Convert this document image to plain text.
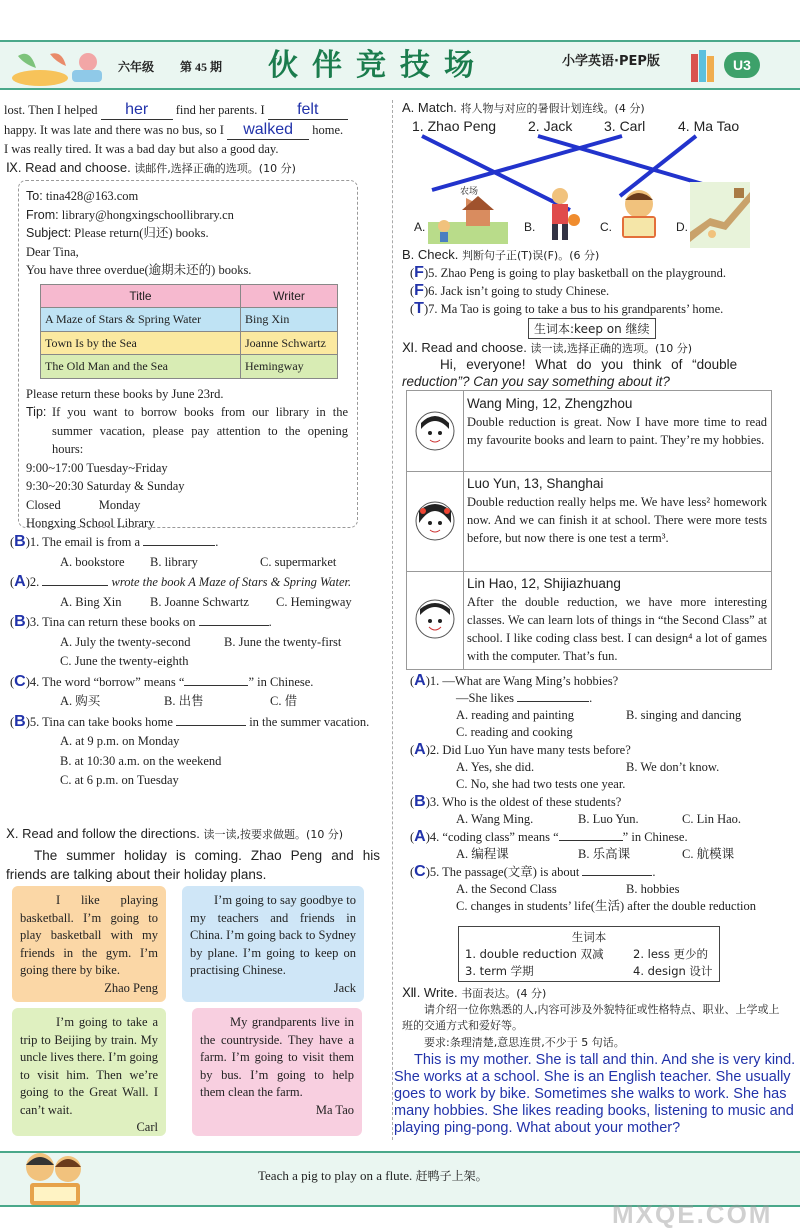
六年级 第 45 期 伙伴竞技场	小学英语·PEP版	U3
lost. Then I helped her find her parents. I felt
happy. It was late and there was no bus, so I walked home.
I was really tired. It was a bad day but also a good day.
Ⅸ. Read and choose. 读邮件,选择正确的选项。(10 分)
To: tina428@163.com
From: library@hongxingschoollibrary.cn
Subject: Please return(归还) books.
Dear Tina,
You have three overdue(逾期未还的) books.
Title	Writer
A Maze of Stars & Spring Water	Bing Xin
Town Is by the Sea	Joanne Schwartz
The Old Man and the Sea	Hemingway
Please return these books by June 23rd.
Tip: If you want to borrow books from our library in the summer vacation, please pay attention to the opening hours:
9:00~17:00 Tuesday~Friday
9:30~20:30 Saturday & Sunday
Closed	Monday
Hongxing School Library
(B)1. The email is from a	.
A. bookstore	B. library	C. supermarket
(A)2.	wrote the book A Maze of Stars & Spring Water.
A. Bing Xin	B. Joanne Schwartz	C. Hemingway
(B)3. Tina can return these books on	.
A. July the twenty-second	B. June the twenty-first
C. June the twenty-eighth
(C)4. The word “borrow” means “	” in Chinese.
A. 购买	B. 出售	C. 借
(B)5. Tina can take books home	in the summer vacation.
A. at 9 p.m. on Monday
B. at 10:30 a.m. on the weekend
C. at 6 p.m. on Tuesday
Ⅹ. Read and follow the directions. 读一读,按要求做题。(10 分)
The summer holiday is coming. Zhao Peng and his friends are talking about their holiday plans.
I like playing basketball. I’m going to play basketball with my friends in the gym. I’m going there by bike.
Zhao Peng
I’m going to say goodbye to my teachers and friends in China. I’m going back to Sydney by plane. I’m going to keep on practising Chinese.
Jack
I’m going to take a trip to Beijing by train. My uncle lives there. I’m going to visit him. Then we’re going to the Great Wall. I can’t wait.
Carl
My grandparents live in the countryside. They have a farm. I’m going to visit them by bus. I’m going to help them clean the farm.
Ma Tao
A. Match. 将人物与对应的暑假计划连线。(4 分)
1. Zhao Peng 2. Jack 3. Carl 4. Ma Tao
A.
农场
B.	C.	D.
B. Check. 判断句子正(T)误(F)。(6 分)
(F)5. Zhao Peng is going to play basketball on the playground.
(F)6. Jack isn’t going to study Chinese.
(T)7. Ma Tao is going to take a bus to his grandparents’ home.
生词本:keep on 继续
Ⅺ. Read and choose. 读一读,选择正确的选项。(10 分)
Hi, everyone! What do you think of “double
reduction”? Can you say something about it?
Wang Ming, 12, Zhengzhou
Double reduction is great. Now I have more time to read my favourite books and learn to paint. They’re my hobbies.
Luo Yun, 13, Shanghai
Double reduction really helps me. We have less² homework now. And we can finish it at school. There were more tests before, but now there is one test a term³.
Lin Hao, 12, Shijiazhuang
After the double reduction, we have more interesting classes. We can learn lots of things in “the Second Class” at school. I like coding class best. I can design⁴ a lot of games with the computer. That’s fun.
(A)1. —What are Wang Ming’s hobbies?
—She likes	.
A. reading and painting	B. singing and dancing
C. reading and cooking
(A)2. Did Luo Yun have many tests before?
A. Yes, she did.	B. We don’t know.
C. No, she had two tests one year.
(B)3. Who is the oldest of these students?
A. Wang Ming.	B. Luo Yun.	C. Lin Hao.
(A)4. “coding class” means “	” in Chinese.
A. 编程课	B. 乐高课	C. 航模课
(C)5. The passage(文章) is about	.
A. the Second Class	B. hobbies
C. changes in students’ life(生活) after the double reduction
生词本
1. double reduction 双减	2. less 更少的
3. term 学期	4. design 设计
Ⅻ. Write. 书面表达。(4 分)
请介绍一位你熟悉的人,内容可涉及外貌特征或性格特点、职业、上学或上班的交通方式和爱好等。
要求:条理清楚,意思连贯,不少于 5 句话。
This is my mother. She is tall and thin. And she is very kind. She works at a school. She is an English teacher. She usually goes to work by bike. Sometimes she walks to work. She has many hobbies. She likes reading books, listening to music and playing ping-pong. What about your mother?
Teach a pig to play on a flute. 赶鸭子上架。
MXQE.COM
